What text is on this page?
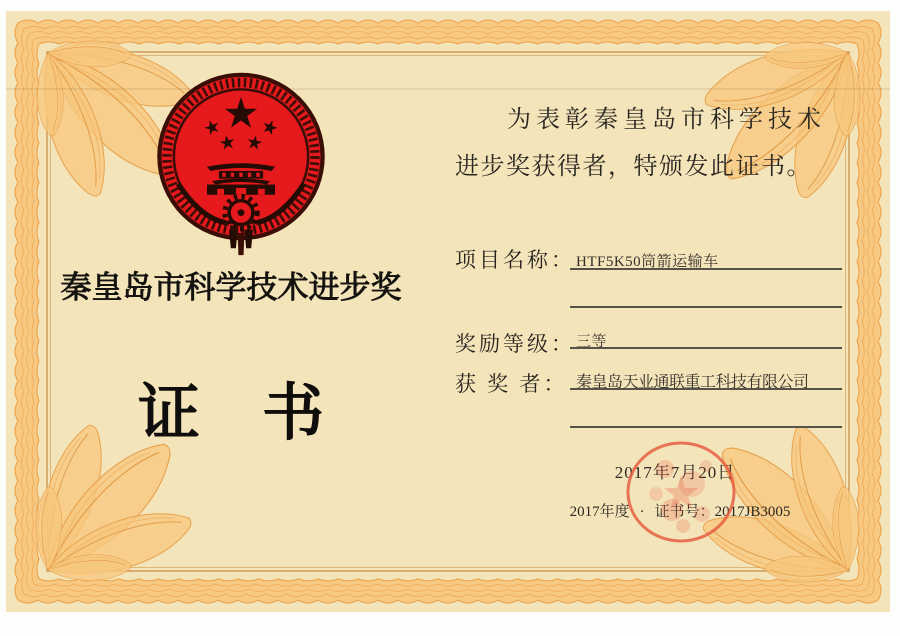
秦皇岛市科学技术进步奖
证书
为表彰秦皇岛市科学技术
进步奖获得者，特颁发此证书。
项目名称： HTF5K50筒箭运输车
奖励等级： 三等
获 奖 者： 秦皇岛天业通联重工科技有限公司
2017年7月20日
2017年度 · 证书号：2017JB3005
